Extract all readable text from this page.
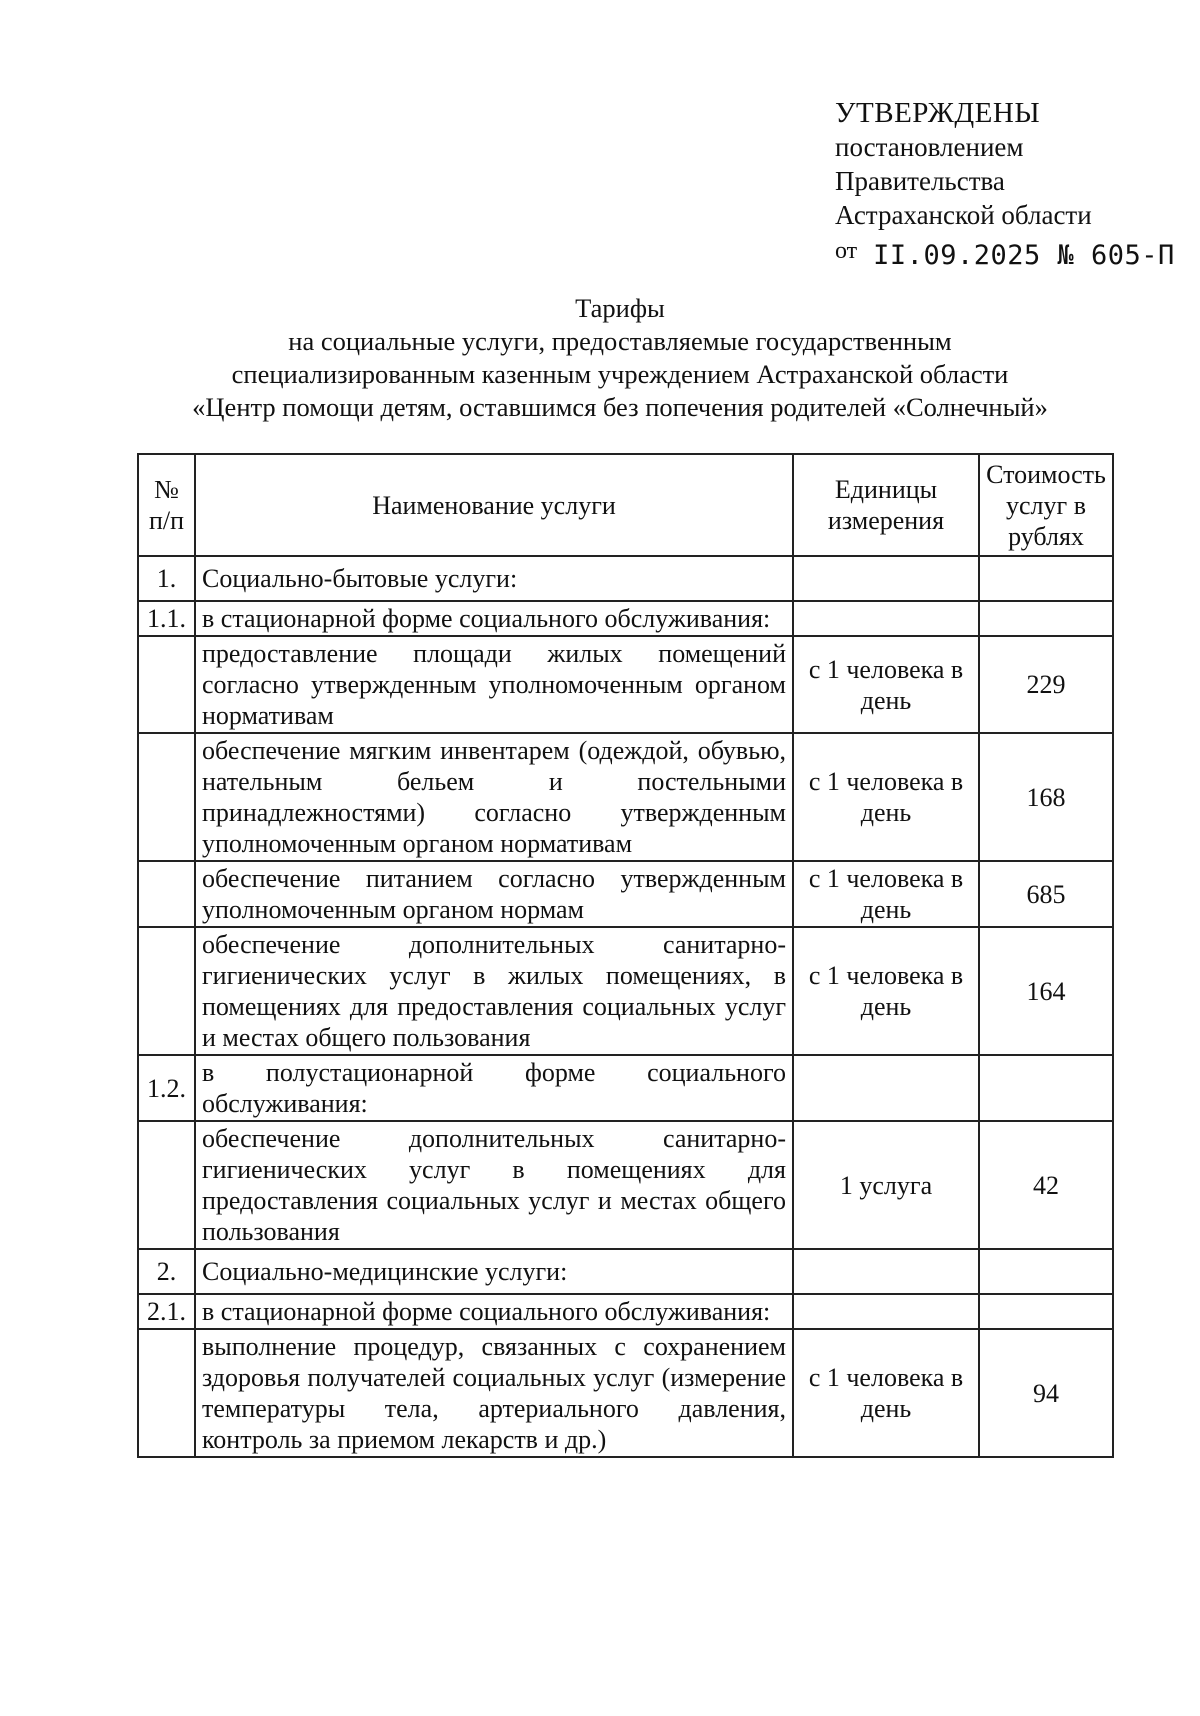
УТВЕРЖДЕНЫ
постановлением
Правительства
Астраханской области
от II.09.2025 № 605-П
Тарифы
на социальные услуги, предоставляемые государственным
специализированным казенным учреждением Астраханской области
«Центр помощи детям, оставшимся без попечения родителей «Солнечный»
№ п/п	Наименование услуги	Единицы измерения	Стоимость услуг в рублях
1.	Социально-бытовые услуги:		
1.1.	в стационарной форме социального обслуживания:		
	предоставление площади жилых помещений согласно утвержденным уполномоченным органом нормативам	с 1 человека в день	229
	обеспечение мягким инвентарем (одеждой, обувью, нательным бельем и постельными принадлежностями) согласно утвержденным уполномоченным органом нормативам	с 1 человека в день	168
	обеспечение питанием согласно утвержденным уполномоченным органом нормам	с 1 человека в день	685
	обеспечение дополнительных санитарно-гигиенических услуг в жилых помещениях, в помещениях для предоставления социальных услуг и местах общего пользования	с 1 человека в день	164
1.2.	в полустационарной форме социального обслуживания:		
	обеспечение дополнительных санитарно-гигиенических услуг в помещениях для предоставления социальных услуг и местах общего пользования	1 услуга	42
2.	Социально-медицинские услуги:		
2.1.	в стационарной форме социального обслуживания:		
	выполнение процедур, связанных с сохранением здоровья получателей социальных услуг (измерение температуры тела, артериального давления, контроль за приемом лекарств и др.)	с 1 человека в день	94
